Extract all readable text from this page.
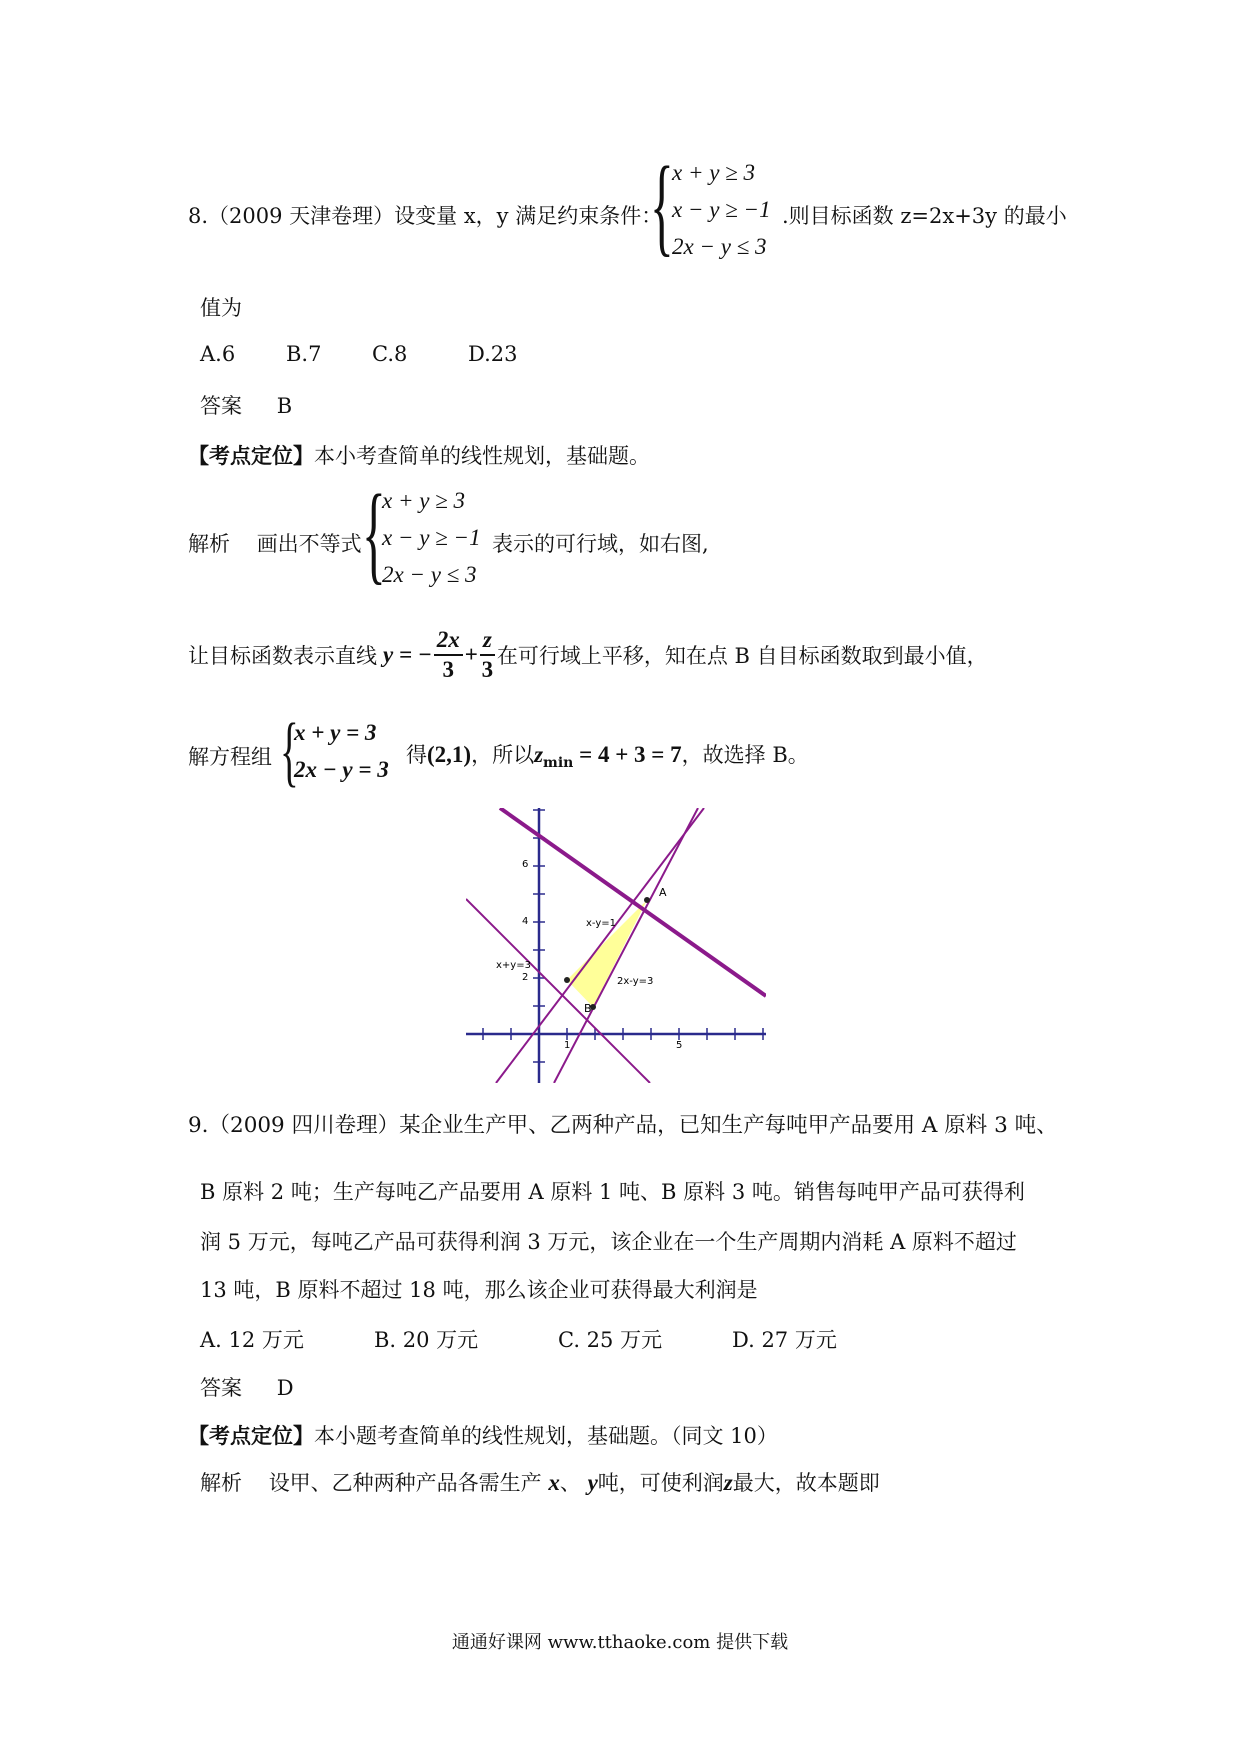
8.（2009 天津卷理）设变量 x，y 满足约束条件：
{
x + y ≥ 3
x − y ≥ −1
2x − y ≤ 3
.则目标函数 z=2x+3y 的最小
值为
A.6 B.7 C.8	D.23
答案 B
【考点定位】本小考查简单的线性规划，基础题。
解析 画出不等式 {
x + y ≥ 3
x − y ≥ −1
2x − y ≤ 3
表示的可行域，如右图,
让目标函数表示直线 y = − $\frac{2x}{3} + \frac{z}{3}$ 在可行域上平移，知在点 B 自目标函数取到最小值，
解方程组 {
x + y = 3
2x − y = 3
得(2,1)，所以$z_{min} = 4 + 3 = 7$，故选择 B。
6
4
2
1	5
A
B
x-y=1
x+y=3
2x-y=3
9.（2009 四川卷理）某企业生产甲、乙两种产品，已知生产每吨甲产品要用 A 原料 3 吨、
B 原料 2 吨；生产每吨乙产品要用 A 原料 1 吨、B 原料 3 吨。销售每吨甲产品可获得利
润 5 万元，每吨乙产品可获得利润 3 万元，该企业在一个生产周期内消耗 A 原料不超过
13 吨，B 原料不超过 18 吨，那么该企业可获得最大利润是
A. 12 万元	B. 20 万元	C. 25 万元	D. 27 万元
答案 D
【考点定位】本小题考查简单的线性规划，基础题。（同文 10）
解析 设甲、乙种两种产品各需生产 x、 y吨，可使利润z最大，故本题即
通通好课网 www.tthaoke.com 提供下载
